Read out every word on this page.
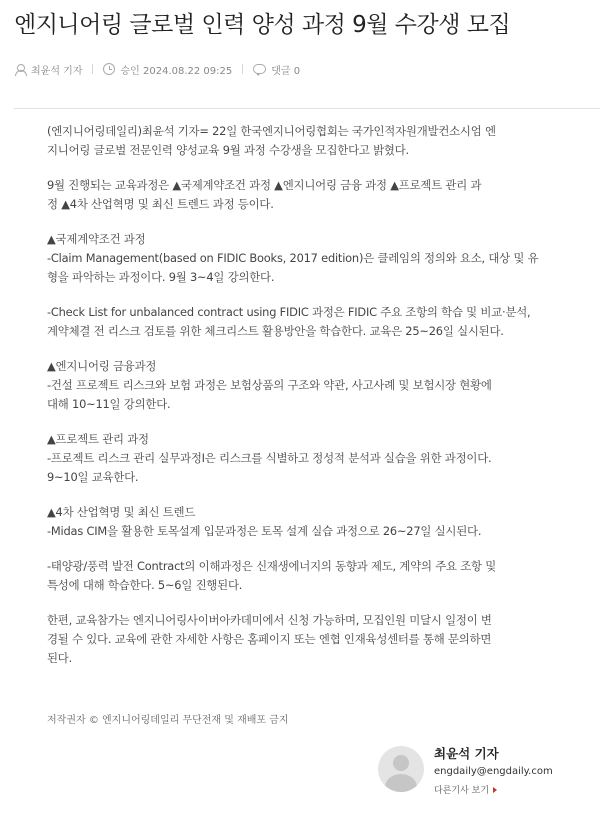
엔지니어링 글로벌 인력 양성 과정 9월 수강생 모집
최윤석 기자	승인 2024.08.22 09:25	댓글 0

(엔지니어링데일리)최윤석 기자= 22일 한국엔지니어링협회는 국가인적자원개발컨소시엄 엔
지니어링 글로벌 전문인력 양성교육 9월 과정 수강생을 모집한다고 밝혔다.

9월 진행되는 교육과정은 ▲국제계약조건 과정 ▲엔지니어링 금융 과정 ▲프로젝트 관리 과
정 ▲4차 산업혁명 및 최신 트렌드 과정 등이다.

▲국제계약조건 과정
-Claim Management(based on FIDIC Books, 2017 edition)은 클레임의 정의와 요소, 대상 및 유
형을 파악하는 과정이다. 9월 3~4일 강의한다.

-Check List for unbalanced contract using FIDIC 과정은 FIDIC 주요 조항의 학습 및 비교·분석,
계약체결 전 리스크 검토를 위한 체크리스트 활용방안을 학습한다. 교육은 25~26일 실시된다.

▲엔지니어링 금융과정
-건설 프로젝트 리스크와 보험 과정은 보험상품의 구조와 약관, 사고사례 및 보험시장 현황에
대해 10~11일 강의한다.

▲프로젝트 관리 과정
-프로젝트 리스크 관리 실무과정I은 리스크를 식별하고 정성적 분석과 실습을 위한 과정이다.
9~10일 교육한다.

▲4차 산업혁명 및 최신 트렌드
-Midas CIM을 활용한 토목설계 입문과정은 토목 설계 실습 과정으로 26~27일 실시된다.

-태양광/풍력 발전 Contract의 이해과정은 신재생에너지의 동향과 제도, 계약의 주요 조항 및
특성에 대해 학습한다. 5~6일 진행된다.

한편, 교육참가는 엔지니어링사이버아카데미에서 신청 가능하며, 모집인원 미달시 일정이 변
경될 수 있다. 교육에 관한 자세한 사항은 홈페이지 또는 엔협 인재육성센터를 통해 문의하면
된다.

저작권자 © 엔지니어링데일리 무단전재 및 재배포 금지
최윤석 기자
engdaily@engdaily.com
다른기사 보기
